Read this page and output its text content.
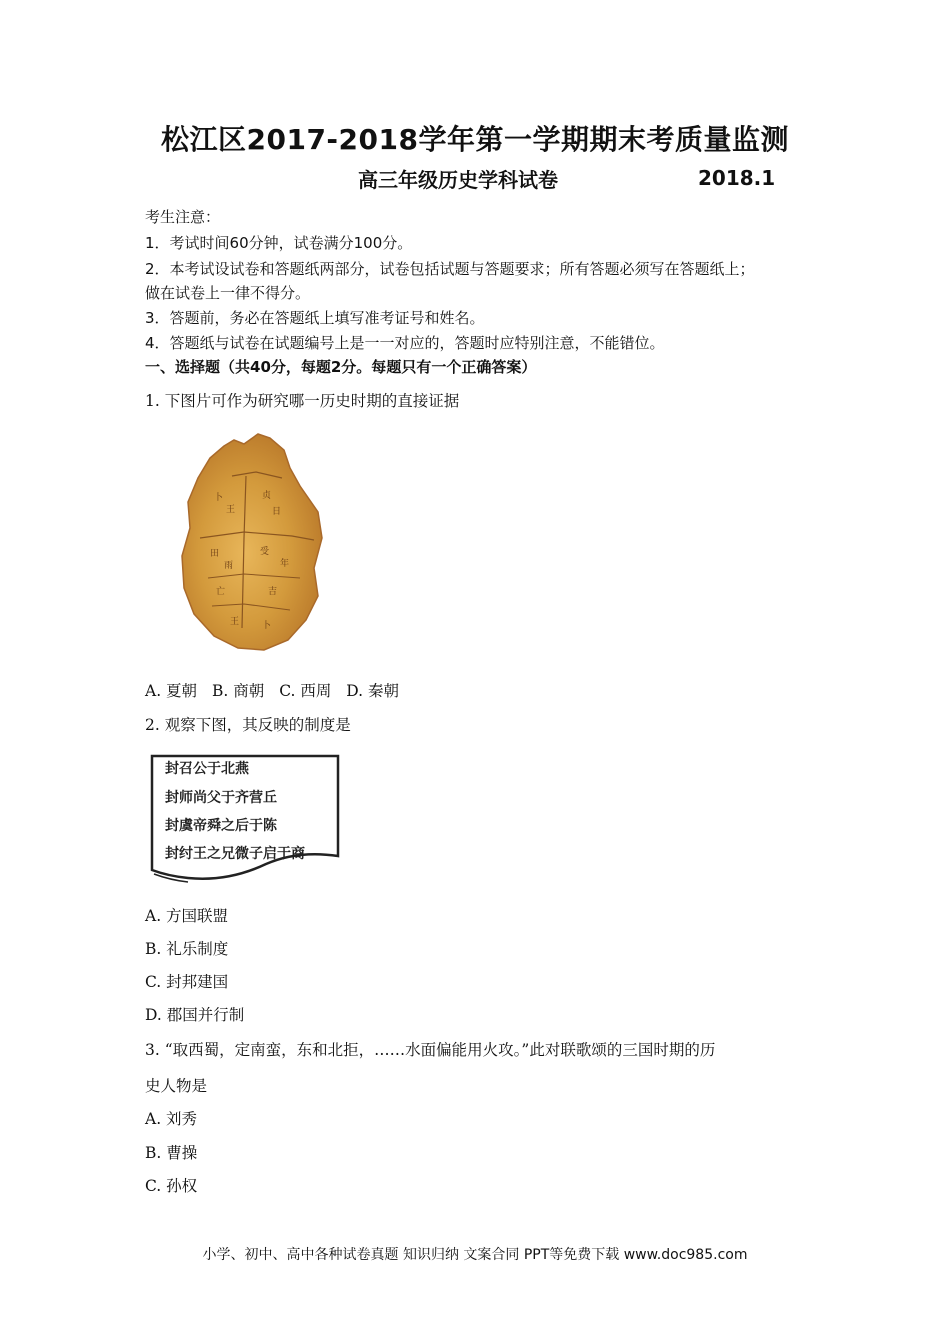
松江区2017-2018学年第一学期期末考质量监测
高三年级历史学科试卷	2018.1
考生注意：
1．考试时间60分钟，试卷满分100分。
2．本考试设试卷和答题纸两部分，试卷包括试题与答题要求；所有答题必须写在答题纸上；
做在试卷上一律不得分。
3．答题前，务必在答题纸上填写准考证号和姓名。
4．答题纸与试卷在试题编号上是一一对应的，答题时应特别注意，不能错位。
一、选择题（共40分，每题2分。每题只有一个正确答案）
1. 下图片可作为研究哪一历史时期的直接证据
卜
王
贞
日
田
雨
受
年
亡	吉
王	卜
A. 夏朝 B. 商朝 C. 西周 D. 秦朝
2. 观察下图，其反映的制度是
封召公于北燕
封师尚父于齐营丘
封虞帝舜之后于陈
封纣王之兄微子启于商
A. 方国联盟
B. 礼乐制度
C. 封邦建国
D. 郡国并行制
3. “取西蜀，定南蛮，东和北拒，……水面偏能用火攻。”此对联歌颂的三国时期的历
史人物是
A. 刘秀
B. 曹操
C. 孙权
小学、初中、高中各种试卷真题 知识归纳 文案合同 PPT等免费下载 www.doc985.com
